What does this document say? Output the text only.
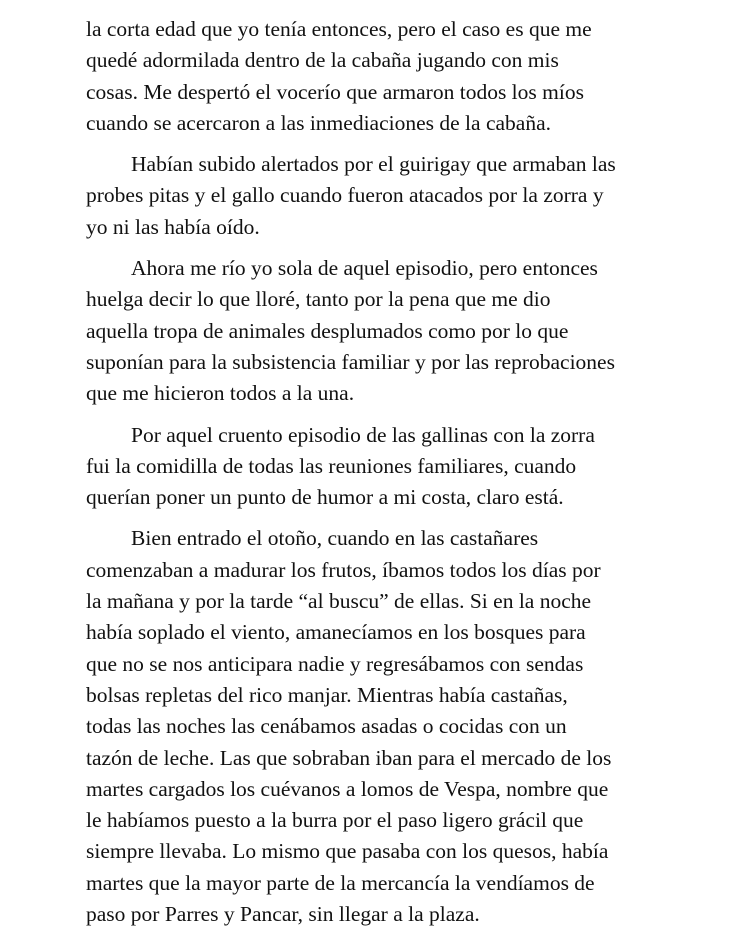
la corta edad que yo tenía entonces, pero el caso es que me
quedé adormilada dentro de la cabaña jugando con mis
cosas. Me despertó el vocerío que armaron todos los míos
cuando se acercaron a las inmediaciones de la cabaña.

Habían subido alertados por el guirigay que armaban las
probes pitas y el gallo cuando fueron atacados por la zorra y
yo ni las había oído.

Ahora me río yo sola de aquel episodio, pero entonces
huelga decir lo que lloré, tanto por la pena que me dio
aquella tropa de animales desplumados como por lo que
suponían para la subsistencia familiar y por las reprobaciones
que me hicieron todos a la una.

Por aquel cruento episodio de las gallinas con la zorra
fui la comidilla de todas las reuniones familiares, cuando
querían poner un punto de humor a mi costa, claro está.

Bien entrado el otoño, cuando en las castañares
comenzaban a madurar los frutos, íbamos todos los días por
la mañana y por la tarde “al buscu” de ellas. Si en la noche
había soplado el viento, amanecíamos en los bosques para
que no se nos anticipara nadie y regresábamos con sendas
bolsas repletas del rico manjar. Mientras había castañas,
todas las noches las cenábamos asadas o cocidas con un
tazón de leche. Las que sobraban iban para el mercado de los
martes cargados los cuévanos a lomos de Vespa, nombre que
le habíamos puesto a la burra por el paso ligero grácil que
siempre llevaba. Lo mismo que pasaba con los quesos, había
martes que la mayor parte de la mercancía la vendíamos de
paso por Parres y Pancar, sin llegar a la plaza.
